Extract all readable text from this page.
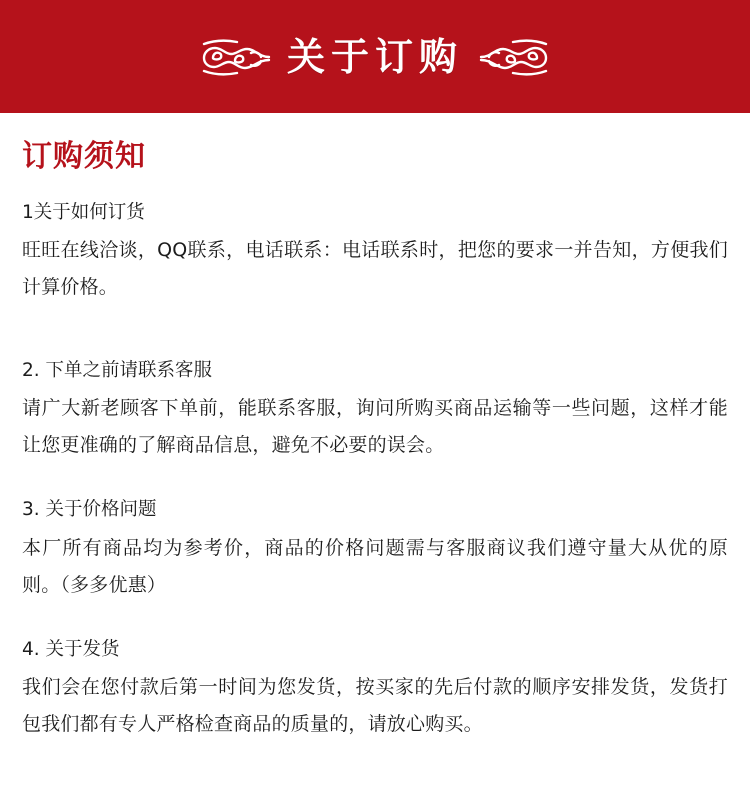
关于订购
订购须知

1关于如何订货

旺旺在线洽谈，QQ联系，电话联系：电话联系时，把您的要求一并告知，方便我们计算价格。

2. 下单之前请联系客服

请广大新老顾客下单前，能联系客服，询问所购买商品运输等一些问题，这样才能让您更准确的了解商品信息，避免不必要的误会。

3. 关于价格问题

本厂所有商品均为参考价，商品的价格问题需与客服商议我们遵守量大从优的原则。（多多优惠）

4. 关于发货

我们会在您付款后第一时间为您发货，按买家的先后付款的顺序安排发货，发货打包我们都有专人严格检查商品的质量的，请放心购买。
